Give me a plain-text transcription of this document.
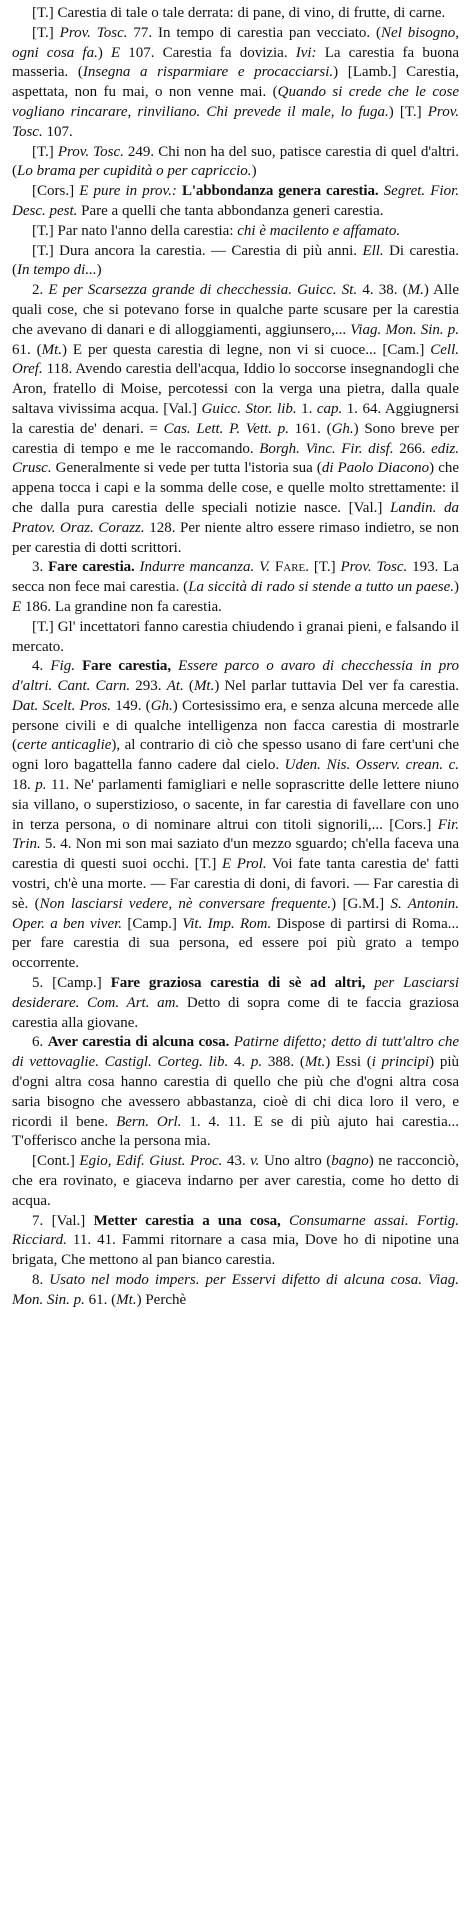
[T.] Carestia di tale o tale derrata: di pane, di vino, di frutte, di carne.

[T.] Prov. Tosc. 77. In tempo di carestia pan vecciato. (Nel bisogno, ogni cosa fa.) E 107. Carestia fa dovizia. Ivi: La carestia fa buona masseria. (Insegna a risparmiare e procacciarsi.) [Lamb.] Carestia, aspettata, non fu mai, o non venne mai. (Quando si crede che le cose vogliano rincarare, rinviliano. Chi prevede il male, lo fuga.) [T.] Prov. Tosc. 107.

[T.] Prov. Tosc. 249. Chi non ha del suo, patisce carestia di quel d'altri. (Lo brama per cupidità o per capriccio.)

[Cors.] E pure in prov.: L'abbondanza genera carestia. Segret. Fior. Desc. pest. Pare a quelli che tanta abbondanza generi carestia.

[T.] Par nato l'anno della carestia: chi è macilento e affamato.

[T.] Dura ancora la carestia. — Carestia di più anni. Ell. Di carestia. (In tempo di...)

2. E per Scarsezza grande di checchessia. Guicc. St. 4. 38. (M.) Alle quali cose, che si potevano forse in qualche parte scusare per la carestia che avevano di danari e di alloggiamenti, aggiunsero,... Viag. Mon. Sin. p. 61. (Mt.) E per questa carestia di legne, non vi si cuoce... [Cam.] Cell. Oref. 118. Avendo carestia dell'acqua, Iddio lo soccorse insegnandogli che Aron, fratello di Moise, percotessi con la verga una pietra, dalla quale saltava vivissima acqua. [Val.] Guicc. Stor. lib. 1. cap. 1. 64. Aggiugnersi la carestia de' denari. = Cas. Lett. P. Vett. p. 161. (Gh.) Sono breve per carestia di tempo e me le raccomando. Borgh. Vinc. Fir. disf. 266. ediz. Crusc. Generalmente si vede per tutta l'istoria sua (di Paolo Diacono) che appena tocca i capi e la somma delle cose, e quelle molto strettamente: il che dalla pura carestia delle speciali notizie nasce. [Val.] Landin. da Pratov. Oraz. Corazz. 128. Per niente altro essere rimaso indietro, se non per carestia di dotti scrittori.

3. Fare carestia. Indurre mancanza. V. Fare. [T.] Prov. Tosc. 193. La secca non fece mai carestia. (La siccità di rado si stende a tutto un paese.) E 186. La grandine non fa carestia.

[T.] Gl' incettatori fanno carestia chiudendo i granai pieni, e falsando il mercato.

4. Fig. Fare carestia, Essere parco o avaro di checchessia in pro d'altri. Cant. Carn. 293. At. (Mt.) Nel parlar tuttavia Del ver fa carestia. Dat. Scelt. Pros. 149. (Gh.) Cortesissimo era, e senza alcuna mercede alle persone civili e di qualche intelligenza non facca carestia di mostrarle (certe anticaglie), al contrario di ciò che spesso usano di fare cert'uni che ogni loro bagattella fanno cadere dal cielo. Uden. Nis. Osserv. crean. c. 18. p. 11. Ne' parlamenti famigliari e nelle soprascritte delle lettere niuno sia villano, o superstizioso, o sacente, in far carestia di favellare con uno in terza persona, o di nominare altrui con titoli signorili,... [Cors.] Fir. Trin. 5. 4. Non mi son mai saziato d'un mezzo sguardo; ch'ella faceva una carestia di questi suoi occhi. [T.] E Prol. Voi fate tanta carestia de' fatti vostri, ch'è una morte. — Far carestia di doni, di favori. — Far carestia di sè. (Non lasciarsi vedere, nè conversare frequente.) [G.M.] S. Antonin. Oper. a ben viver. [Camp.] Vit. Imp. Rom. Dispose di partirsi di Roma... per fare carestia di sua persona, ed essere poi più grato a tempo occorrente.

5. [Camp.] Fare graziosa carestia di sè ad altri, per Lasciarsi desiderare. Com. Art. am. Detto di sopra come di te faccia graziosa carestia alla giovane.

6. Aver carestia di alcuna cosa. Patirne difetto; detto di tutt'altro che di vettovaglie. Castigl. Corteg. lib. 4. p. 388. (Mt.) Essi (i principi) più d'ogni altra cosa hanno carestia di quello che più che d'ogni altra cosa saria bisogno che avessero abbastanza, cioè di chi dica loro il vero, e ricordi il bene. Bern. Orl. 1. 4. 11. E se di più ajuto hai carestia... T'offerisco anche la persona mia.

[Cont.] Egio, Edif. Giust. Proc. 43. v. Uno altro (bagno) ne racconciò, che era rovinato, e giaceva indarno per aver carestia, come ho detto di acqua.

7. [Val.] Metter carestia a una cosa, Consumarne assai. Fortig. Ricciard. 11. 41. Fammi ritornare a casa mia, Dove ho di nipotine una brigata, Che mettono al pan bianco carestia.

8. Usato nel modo impers. per Esservi difetto di alcuna cosa. Viag. Mon. Sin. p. 61. (Mt.) Perchè
